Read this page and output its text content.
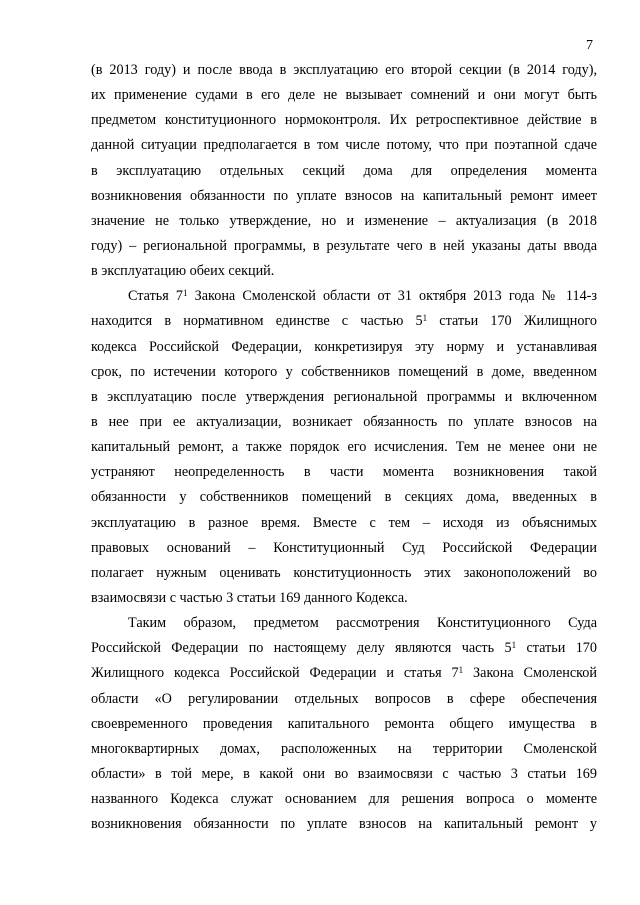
7
(в 2013 году) и после ввода в эксплуатацию его второй секции (в 2014 году),
их применение судами в его деле не вызывает сомнений и они могут быть
предметом конституционного нормоконтроля. Их ретроспективное действие в
данной ситуации предполагается в том числе потому, что при поэтапной сдаче
в эксплуатацию отдельных секций дома для определения момента
возникновения обязанности по уплате взносов на капитальный ремонт имеет
значение не только утверждение, но и изменение – актуализация (в 2018
году) – региональной программы, в результате чего в ней указаны даты ввода
в эксплуатацию обеих секций.
Статья $7^1$ Закона Смоленской области от 31 октября 2013 года № 114-з
находится в нормативном единстве с частью $5^1$ статьи 170 Жилищного
кодекса Российской Федерации, конкретизируя эту норму и устанавливая
срок, по истечении которого у собственников помещений в доме, введенном
в эксплуатацию после утверждения региональной программы и включенном
в нее при ее актуализации, возникает обязанность по уплате взносов на
капитальный ремонт, а также порядок его исчисления. Тем не менее они не
устраняют неопределенность в части момента возникновения такой
обязанности у собственников помещений в секциях дома, введенных в
эксплуатацию в разное время. Вместе с тем – исходя из объяснимых
правовых оснований – Конституционный Суд Российской Федерации
полагает нужным оценивать конституционность этих законоположений во
взаимосвязи с частью 3 статьи 169 данного Кодекса.
Таким образом, предметом рассмотрения Конституционного Суда
Российской Федерации по настоящему делу являются часть $5^1$ статьи 170
Жилищного кодекса Российской Федерации и статья $7^1$ Закона Смоленской
области «О регулировании отдельных вопросов в сфере обеспечения
своевременного проведения капитального ремонта общего имущества в
многоквартирных домах, расположенных на территории Смоленской
области» в той мере, в какой они во взаимосвязи с частью 3 статьи 169
названного Кодекса служат основанием для решения вопроса о моменте
возникновения обязанности по уплате взносов на капитальный ремонт у
